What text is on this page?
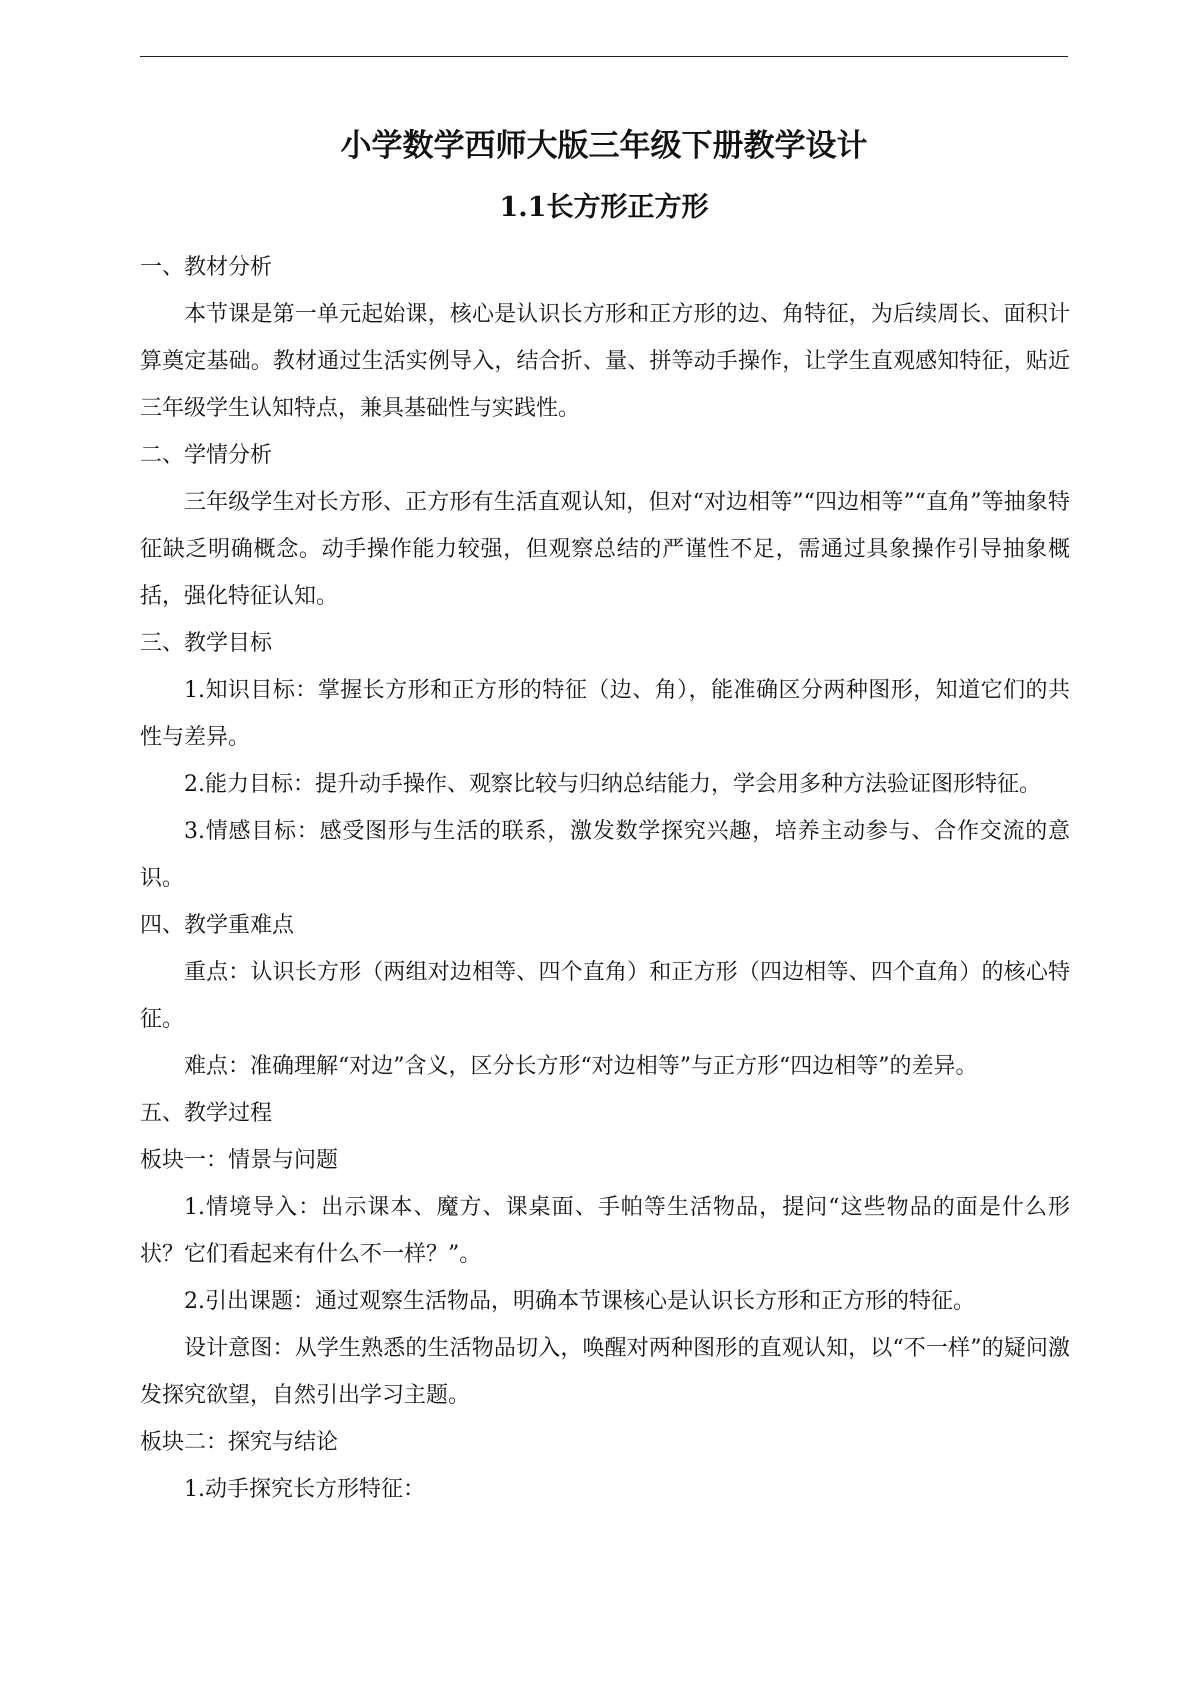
小学数学西师大版三年级下册教学设计
1.1长方形正方形
一、教材分析
本节课是第一单元起始课，核心是认识长方形和正方形的边、角特征，为后续周长、面积计算奠定基础。教材通过生活实例导入，结合折、量、拼等动手操作，让学生直观感知特征，贴近三年级学生认知特点，兼具基础性与实践性。
二、学情分析
三年级学生对长方形、正方形有生活直观认知，但对“对边相等”“四边相等”“直角”等抽象特征缺乏明确概念。动手操作能力较强，但观察总结的严谨性不足，需通过具象操作引导抽象概括，强化特征认知。
三、教学目标
1.知识目标：掌握长方形和正方形的特征（边、角），能准确区分两种图形，知道它们的共性与差异。
2.能力目标：提升动手操作、观察比较与归纳总结能力，学会用多种方法验证图形特征。
3.情感目标：感受图形与生活的联系，激发数学探究兴趣，培养主动参与、合作交流的意识。
四、教学重难点
重点：认识长方形（两组对边相等、四个直角）和正方形（四边相等、四个直角）的核心特征。
难点：准确理解“对边”含义，区分长方形“对边相等”与正方形“四边相等”的差异。
五、教学过程
板块一：情景与问题
1.情境导入：出示课本、魔方、课桌面、手帕等生活物品，提问“这些物品的面是什么形状？它们看起来有什么不一样？”。
2.引出课题：通过观察生活物品，明确本节课核心是认识长方形和正方形的特征。
设计意图：从学生熟悉的生活物品切入，唤醒对两种图形的直观认知，以“不一样”的疑问激发探究欲望，自然引出学习主题。
板块二：探究与结论
1.动手探究长方形特征：
